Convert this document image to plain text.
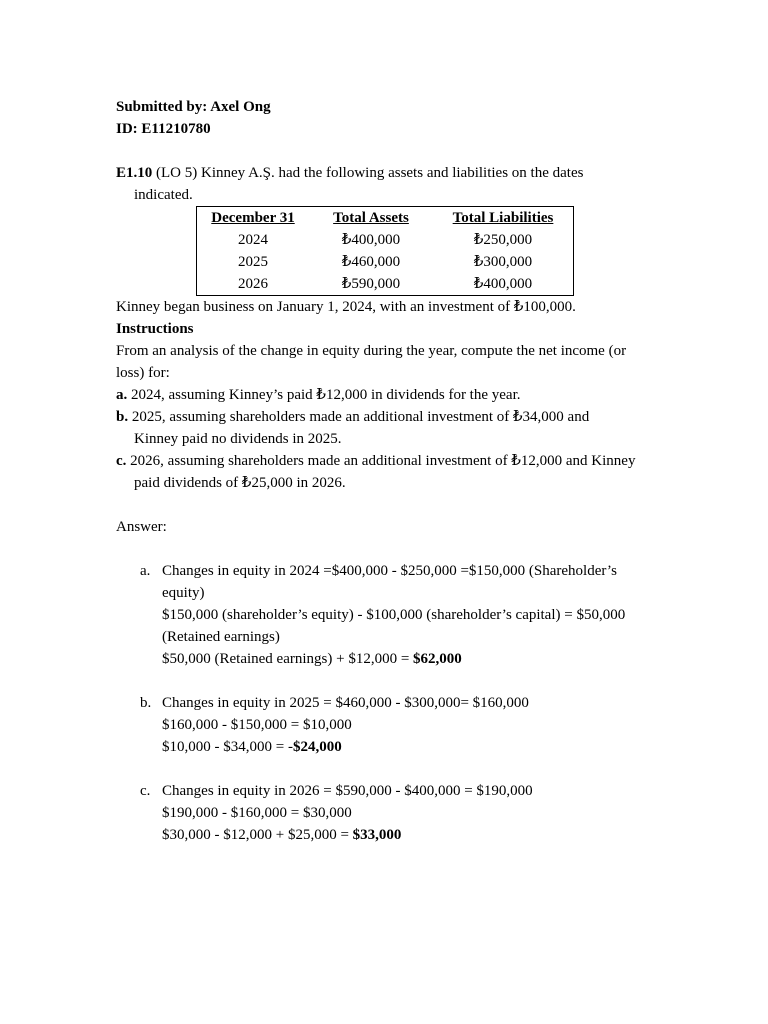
Submitted by: Axel Ong
ID: E11210780
E1.10 (LO 5) Kinney A.Ş. had the following assets and liabilities on the dates
indicated.
December 31	Total Assets	Total Liabilities
2024	₺400,000	₺250,000
2025	₺460,000	₺300,000
2026	₺590,000	₺400,000
Kinney began business on January 1, 2024, with an investment of ₺100,000.
Instructions
From an analysis of the change in equity during the year, compute the net income (or
loss) for:
a. 2024, assuming Kinney’s paid ₺12,000 in dividends for the year.
b. 2025, assuming shareholders made an additional investment of ₺34,000 and
Kinney paid no dividends in 2025.
c. 2026, assuming shareholders made an additional investment of ₺12,000 and Kinney
paid dividends of ₺25,000 in 2026.
Answer:
a. Changes in equity in 2024 =$400,000 - $250,000 =$150,000 (Shareholder’s
equity)
$150,000 (shareholder’s equity) - $100,000 (shareholder’s capital) = $50,000
(Retained earnings)
$50,000 (Retained earnings) + $12,000 = $62,000
b. Changes in equity in 2025 = $460,000 - $300,000= $160,000
$160,000 - $150,000 = $10,000
$10,000 - $34,000 = -$24,000
c. Changes in equity in 2026 = $590,000 - $400,000 = $190,000
$190,000 - $160,000 = $30,000
$30,000 - $12,000 + $25,000 = $33,000
